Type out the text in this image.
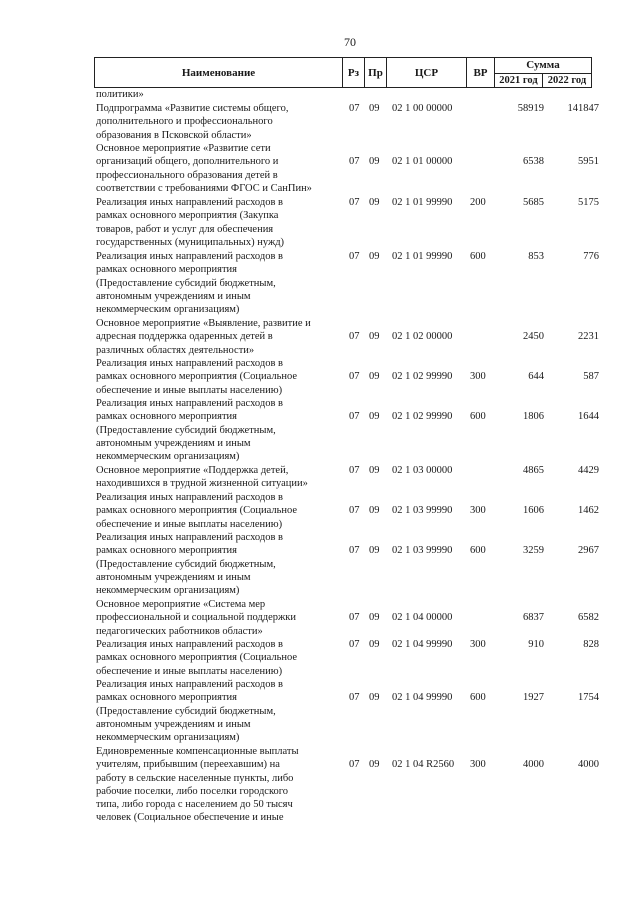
70
Наименование	Рз Пр	ЦСР	ВР
Сумма
2021 год 2022 год
политики»
Подпрограмма «Развитие системы общего,
дополнительного и профессионального
образования в Псковской области»
07 09 02 1 00 00000	58919	141847
Основное мероприятие «Развитие сети
организаций общего, дополнительного и
профессионального образования детей в
соответствии с требованиями ФГОС и СанПин»
07 09 02 1 01 00000	6538	5951
Реализация иных направлений расходов в
рамках основного мероприятия (Закупка
товаров, работ и услуг для обеспечения
государственных (муниципальных) нужд)
07 09 02 1 01 99990 200	5685	5175
Реализация иных направлений расходов в
рамках основного мероприятия
(Предоставление субсидий бюджетным,
автономным учреждениям и иным
некоммерческим организациям)
07 09 02 1 01 99990 600	853	776
Основное мероприятие «Выявление, развитие и
адресная поддержка одаренных детей в
различных областях деятельности»
07 09 02 1 02 00000	2450	2231
Реализация иных направлений расходов в
рамках основного мероприятия (Социальное
обеспечение и иные выплаты населению)
07 09 02 1 02 99990 300	644	587
Реализация иных направлений расходов в
рамках основного мероприятия
(Предоставление субсидий бюджетным,
автономным учреждениям и иным
некоммерческим организациям)
07 09 02 1 02 99990 600	1806	1644
Основное мероприятие «Поддержка детей,
находившихся в трудной жизненной ситуации»
07 09 02 1 03 00000	4865	4429
Реализация иных направлений расходов в
рамках основного мероприятия (Социальное
обеспечение и иные выплаты населению)
07 09 02 1 03 99990 300	1606	1462
Реализация иных направлений расходов в
рамках основного мероприятия
(Предоставление субсидий бюджетным,
автономным учреждениям и иным
некоммерческим организациям)
07 09 02 1 03 99990 600	3259	2967
Основное мероприятие «Система мер
профессиональной и социальной поддержки
педагогических работников области»
07 09 02 1 04 00000	6837	6582
Реализация иных направлений расходов в
рамках основного мероприятия (Социальное
обеспечение и иные выплаты населению)
07 09 02 1 04 99990 300	910	828
Реализация иных направлений расходов в
рамках основного мероприятия
(Предоставление субсидий бюджетным,
автономным учреждениям и иным
некоммерческим организациям)
07 09 02 1 04 99990 600	1927	1754
Единовременные компенсационные выплаты
учителям, прибывшим (переехавшим) на
работу в сельские населенные пункты, либо
рабочие поселки, либо поселки городского
типа, либо города с населением до 50 тысяч
человек (Социальное обеспечение и иные
07 09 02 1 04 R2560 300	4000	4000
